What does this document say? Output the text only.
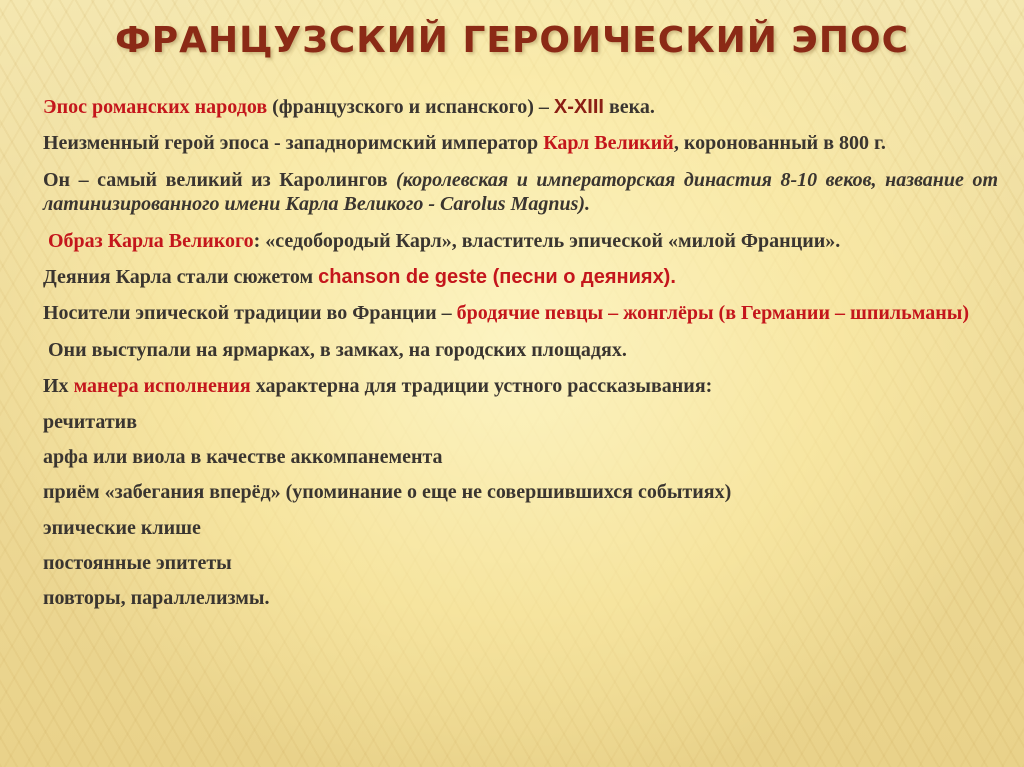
ФРАНЦУЗСКИЙ ГЕРОИЧЕСКИЙ ЭПОС

Эпос романских народов (французского и испанского) – X-XIII века.

Неизменный герой эпоса - западноримский император Карл Великий, коронованный в 800 г.

Он – самый великий из Каролингов (королевская и императорская династия 8-10 веков, название от латинизированного имени Карла Великого - Carolus Magnus).

Образ Карла Великого: «седобородый Карл», властитель эпической «милой Франции».

Деяния Карла стали сюжетом chanson de geste (песни о деяниях).

Носители эпической традиции во Франции – бродячие певцы – жонглёры (в Германии – шпильманы)

Они выступали на ярмарках, в замках, на городских площадях.

Их манера исполнения характерна для традиции устного рассказывания:

речитатив

арфа или виола в качестве аккомпанемента

приём «забегания вперёд» (упоминание о еще не совершившихся событиях)

эпические клише

постоянные эпитеты

повторы, параллелизмы.
